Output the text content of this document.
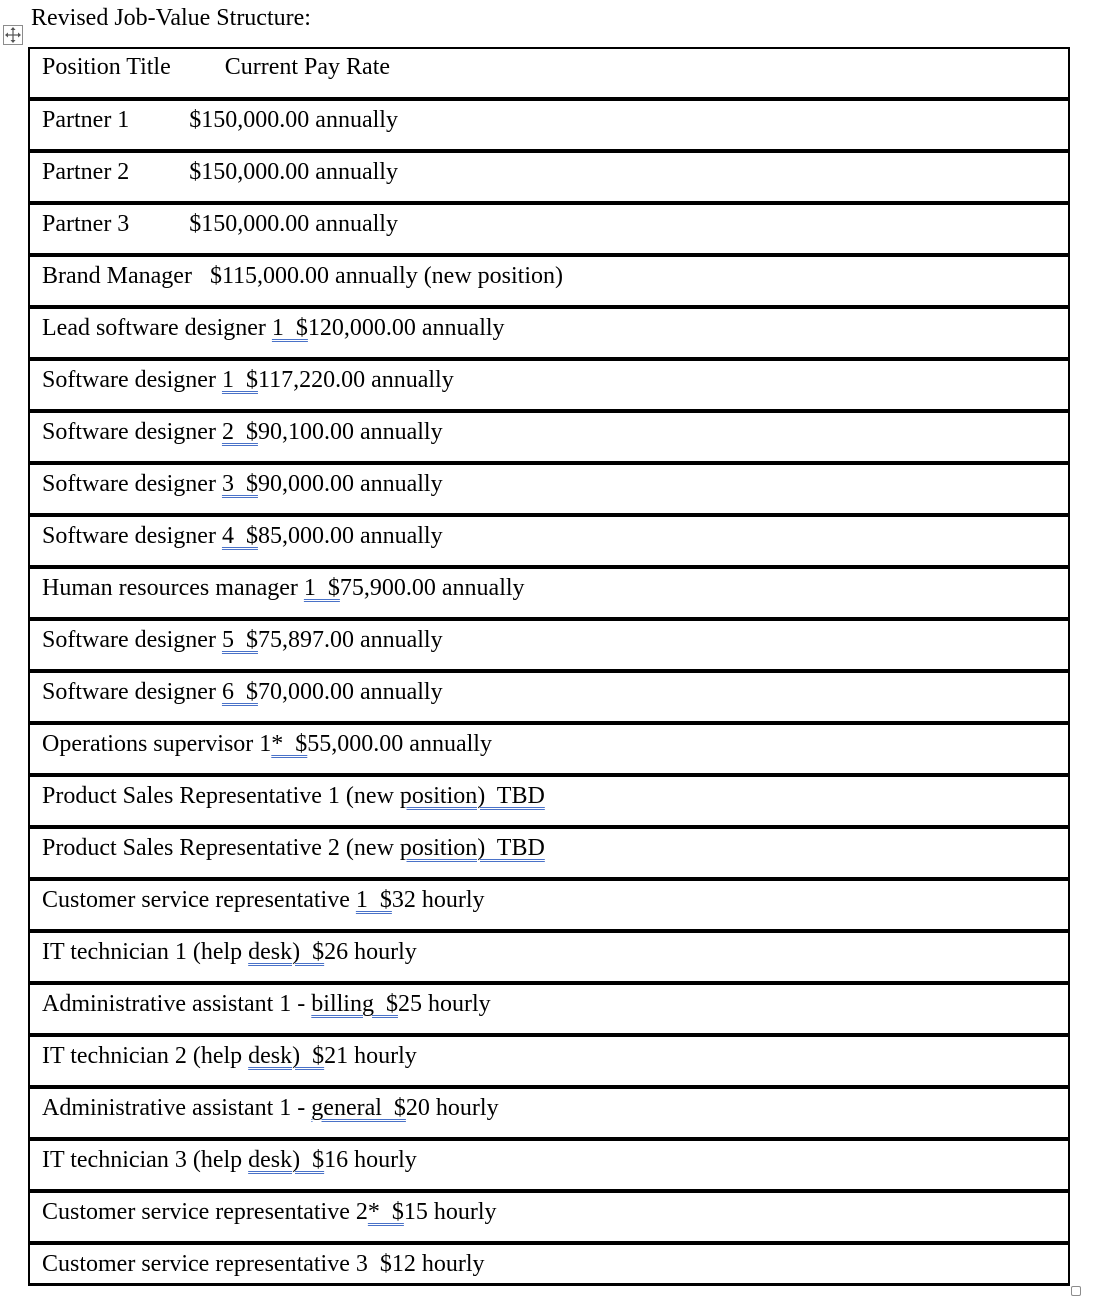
Revised Job-Value Structure:
Position Title Current Pay Rate
Partner 1          $150,000.00 annually
Partner 2          $150,000.00 annually
Partner 3          $150,000.00 annually
Brand Manager   $115,000.00 annually (new position)
Lead software designer 1  $120,000.00 annually
Software designer 1  $117,220.00 annually
Software designer 2  $90,100.00 annually
Software designer 3  $90,000.00 annually
Software designer 4  $85,000.00 annually
Human resources manager 1  $75,900.00 annually
Software designer 5  $75,897.00 annually
Software designer 6  $70,000.00 annually
Operations supervisor 1*  $55,000.00 annually
Product Sales Representative 1 (new position)  TBD
Product Sales Representative 2 (new position)  TBD
Customer service representative 1  $32 hourly
IT technician 1 (help desk)  $26 hourly
Administrative assistant 1 - billing  $25 hourly
IT technician 2 (help desk)  $21 hourly
Administrative assistant 1 - general  $20 hourly
IT technician 3 (help desk)  $16 hourly
Customer service representative 2*  $15 hourly
Customer service representative 3  $12 hourly
